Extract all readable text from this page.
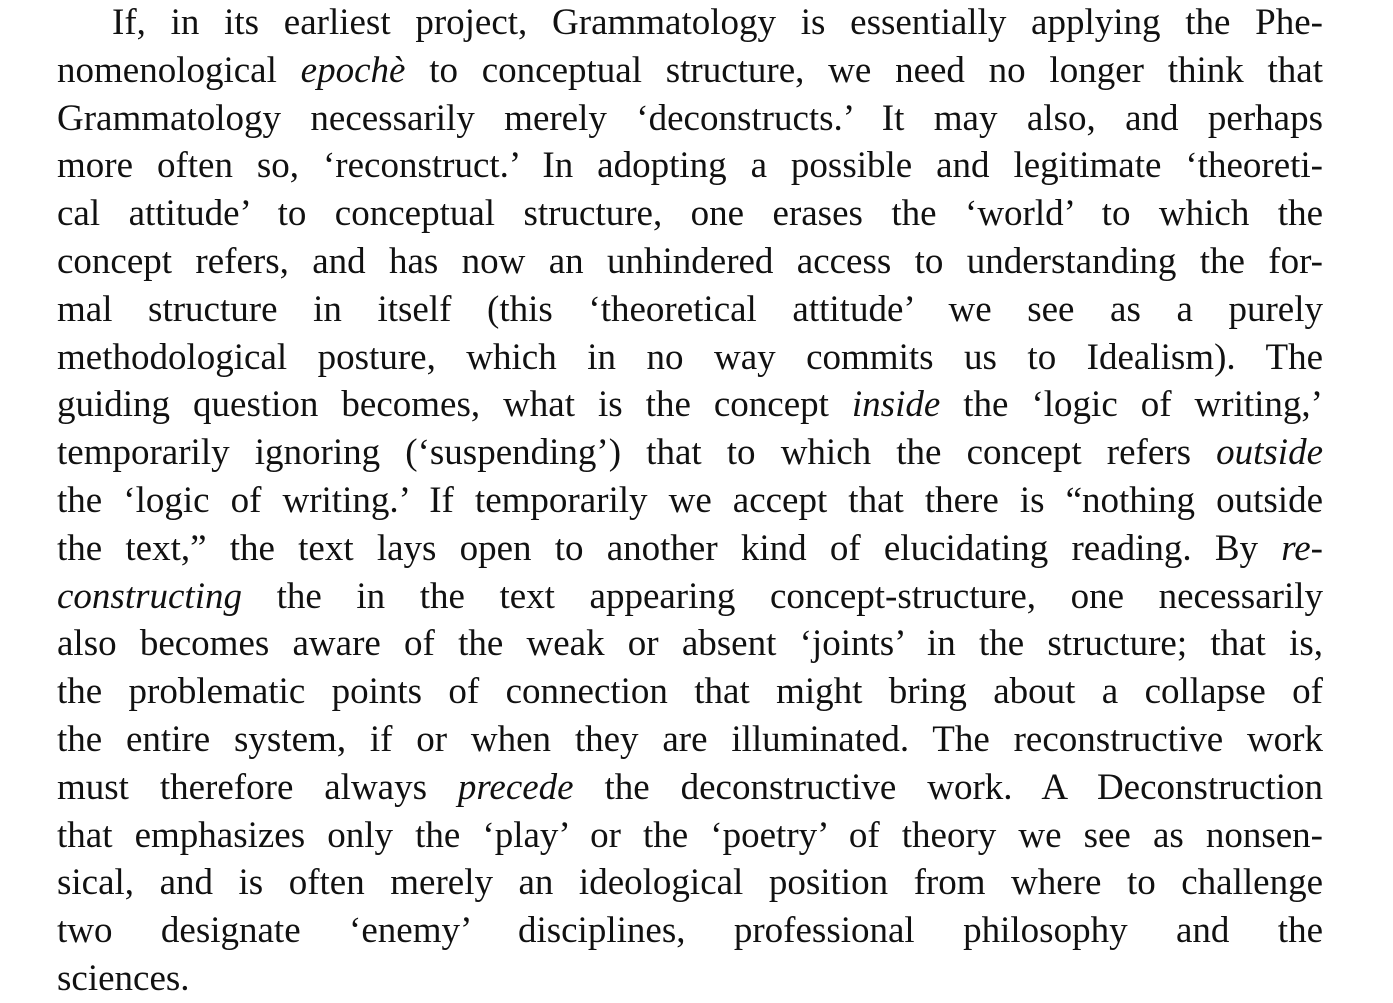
If, in its earliest project, Grammatology is essentially applying the Phe-
nomenological epochè to conceptual structure, we need no longer think that
Grammatology necessarily merely ‘deconstructs.’ It may also, and perhaps
more often so, ‘reconstruct.’ In adopting a possible and legitimate ‘theoreti-
cal attitude’ to conceptual structure, one erases the ‘world’ to which the
concept refers, and has now an unhindered access to understanding the for-
mal structure in itself (this ‘theoretical attitude’ we see as a purely
methodological posture, which in no way commits us to Idealism). The
guiding question becomes, what is the concept inside the ‘logic of writing,’
temporarily ignoring (‘suspending’) that to which the concept refers outside
the ‘logic of writing.’ If temporarily we accept that there is “nothing outside
the text,” the text lays open to another kind of elucidating reading. By re-
constructing the in the text appearing concept-structure, one necessarily
also becomes aware of the weak or absent ‘joints’ in the structure; that is,
the problematic points of connection that might bring about a collapse of
the entire system, if or when they are illuminated. The reconstructive work
must therefore always precede the deconstructive work. A Deconstruction
that emphasizes only the ‘play’ or the ‘poetry’ of theory we see as nonsen-
sical, and is often merely an ideological position from where to challenge
two designate ‘enemy’ disciplines, professional philosophy and the
sciences.
